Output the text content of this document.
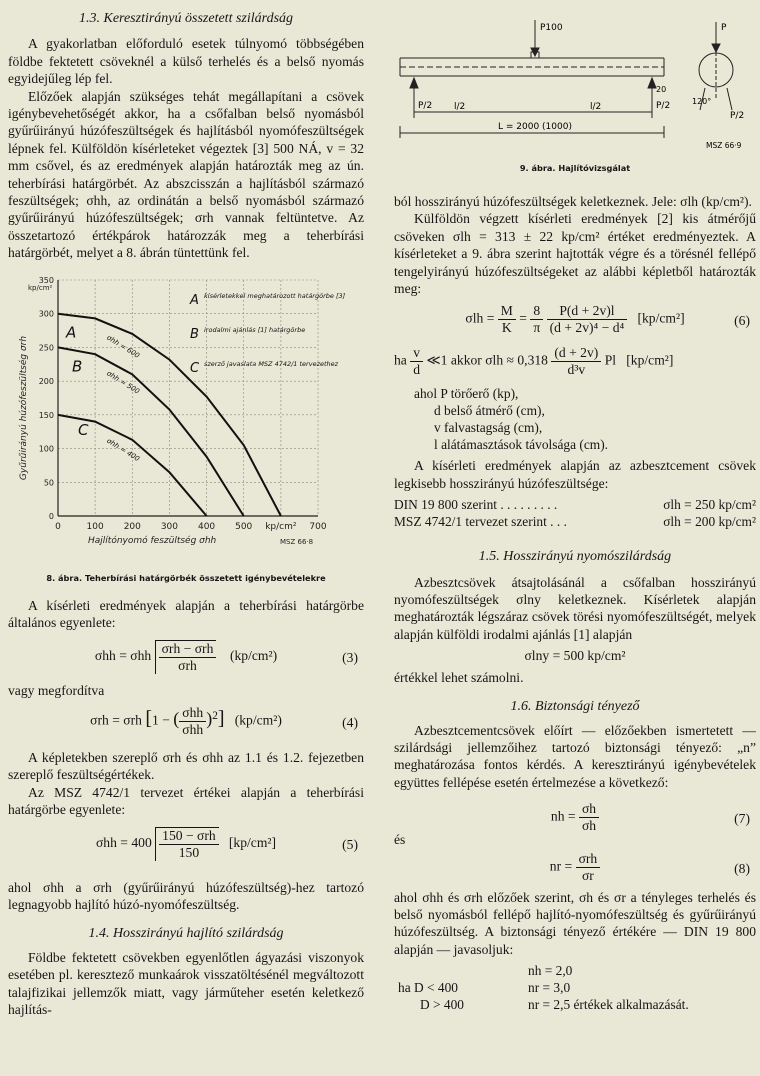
1.3. Keresztirányú összetett szilárdság

A gyakorlatban előforduló esetek túlnyomó többségében földbe fektetett csöveknél a külső terhelés és a belső nyomás egyidejűleg lép fel.

Előzőek alapján szükséges tehát megállapítani a csövek igénybevehetőségét akkor, ha a csőfalban belső nyomásból gyűrűirányú húzófeszültségek és hajlításból nyomófeszültségek lépnek fel. Külföldön kísérleteket végeztek [3] 500 NÁ, v = 32 mm csővel, és az eredmények alapján határozták meg az ún. teherbírási határgörbét. Az abszcisszán a hajlításból származó feszültségek; σhh, az ordinátán a belső nyomásból származó gyűrűirányú húzófeszültségek; σrh vannak feltüntetve. Az összetartozó értékpárok határozzák meg a teherbírási határgörbét, melyet a 8. ábrán tüntettünk fel.

0	100 200 300 400 500 kp/cm² 700
350
300
250
200
150
100
50
0
kp/cm²
Hajlítónyomó feszültség σhh
Gyűrűirányú húzófeszültség σrh
A
σhh = 600
B
σhh = 500
C
σhh = 400
A kísérletekkel meghatározott határgörbe [3]
B irodalmi ajánlás [1] határgörbe
C szerző javaslata MSZ 4742/1 tervezethez
MSZ 66·8
8. ábra. Teherbírási határgörbék összetett igénybevételekre

A kísérleti eredmények alapján a teherbírási határgörbe általános egyenlete:

σhh = σhh $\frac{\text{σrh − σrh}}{\text{σrh}} (kp/cm^2)$	(3)

vagy megfordítva

σrh = σrh [1 − ( $\frac{\text{σhh}}{\text{σhh}} )^2$] (kp/cm²)	(4)

A képletekben szereplő σrh és σhh az 1.1 és 1.2. fejezetben szereplő feszültségértékek.

Az MSZ 4742/1 tervezet értékei alapján a teherbírási határgörbe egyenlete:

$\sigma hh = 400 \frac{\text{150 − σrh}}{150} [kp/cm^2]$	(5)

ahol σhh a σrh (gyűrűirányú húzófeszültség)-hez tartozó legnagyobb hajlító húzó-nyomófeszültség.

1.4. Hosszirányú hajlító szilárdság

Földbe fektetett csövekben egyenlőtlen ágyazási viszonyok esetében pl. keresztező munkaárok visszatöltésénél megváltozott talajfizikai jellemzők miatt, vagy járműteher esetén keletkező hajlítás-

P100
P/2	P/2
l/2	l/2
L = 2000 (1000)
20
P
120°
P/2
MSZ 66·9
9. ábra. Hajlítóvizsgálat

ból hosszirányú húzófeszültségek keletkeznek. Jele: σlh (kp/cm²).

Külföldön végzett kísérleti eredmények [2] kis átmérőjű csöveken σlh = 313 ± 22 kp/cm² értéket eredményeztek. A kísérleteket a 9. ábra szerint hajtották végre és a törésnél fellépő tengelyirányú húzófeszültségeket az alábbi képletből határozták meg:

$\sigma lh = \frac{M}{K} = \frac{8}{\pi}$
$\frac{P(d + 2v)l}{\text{(d + 2v)⁴ − d⁴}} [kp/cm^2]$	(6)
ha $\frac{v}{d}$ ≪1 akkor $\sigma lh \approx 0,318 \frac{(d + 2v)}{\text{d³v}}$ Pl [kp/cm²]

ahol P törőerő (kp),

d belső átmérő (cm),

v falvastagság (cm),

l alátámasztások távolsága (cm).

A kísérleti eredmények alapján az azbesztcement csövek legkisebb hosszirányú húzófeszültsége:

DIN 19 800 szerint . . . . . . . . .	σlh = 250 kp/cm²
MSZ 4742/1 tervezet szerint . . .	σlh = 200 kp/cm²

1.5. Hosszirányú nyomószilárdság

Azbesztcsövek átsajtolásánál a csőfalban hosszirányú nyomófeszültségek σlny keletkeznek. Kísérletek alapján meghatározták légszáraz csövek törési nyomófeszültségét, melyek alapján külföldi irodalmi ajánlás [1] alapján

σlny = 500 kp/cm²

értékkel lehet számolni.

1.6. Biztonsági tényező

Azbesztcementcsövek előírt — előzőekben ismertetett — szilárdsági jellemzőihez tartozó biztonsági tényező: „n” meghatározása fontos kérdés. A keresztirányú igénybevételek együttes fellépése esetén értelmezése a következő:

nh = $\frac{\sigma h}{\sigma h}$	(7)

és

nr = $\frac{\text{σrh}}{\sigma r}$	(8)

ahol σhh és σrh előzőek szerint, σh és σr a tényleges terhelés és belső nyomásból fellépő hajlító-nyomófeszültség és gyűrűirányú húzófeszültség. A biztonsági tényező értékére — DIN 19 800 alapján — javasoljuk:

nh = 2,0
ha D < 400	nr = 3,0
D > 400	nr = 2,5 értékek alkalmazását.
